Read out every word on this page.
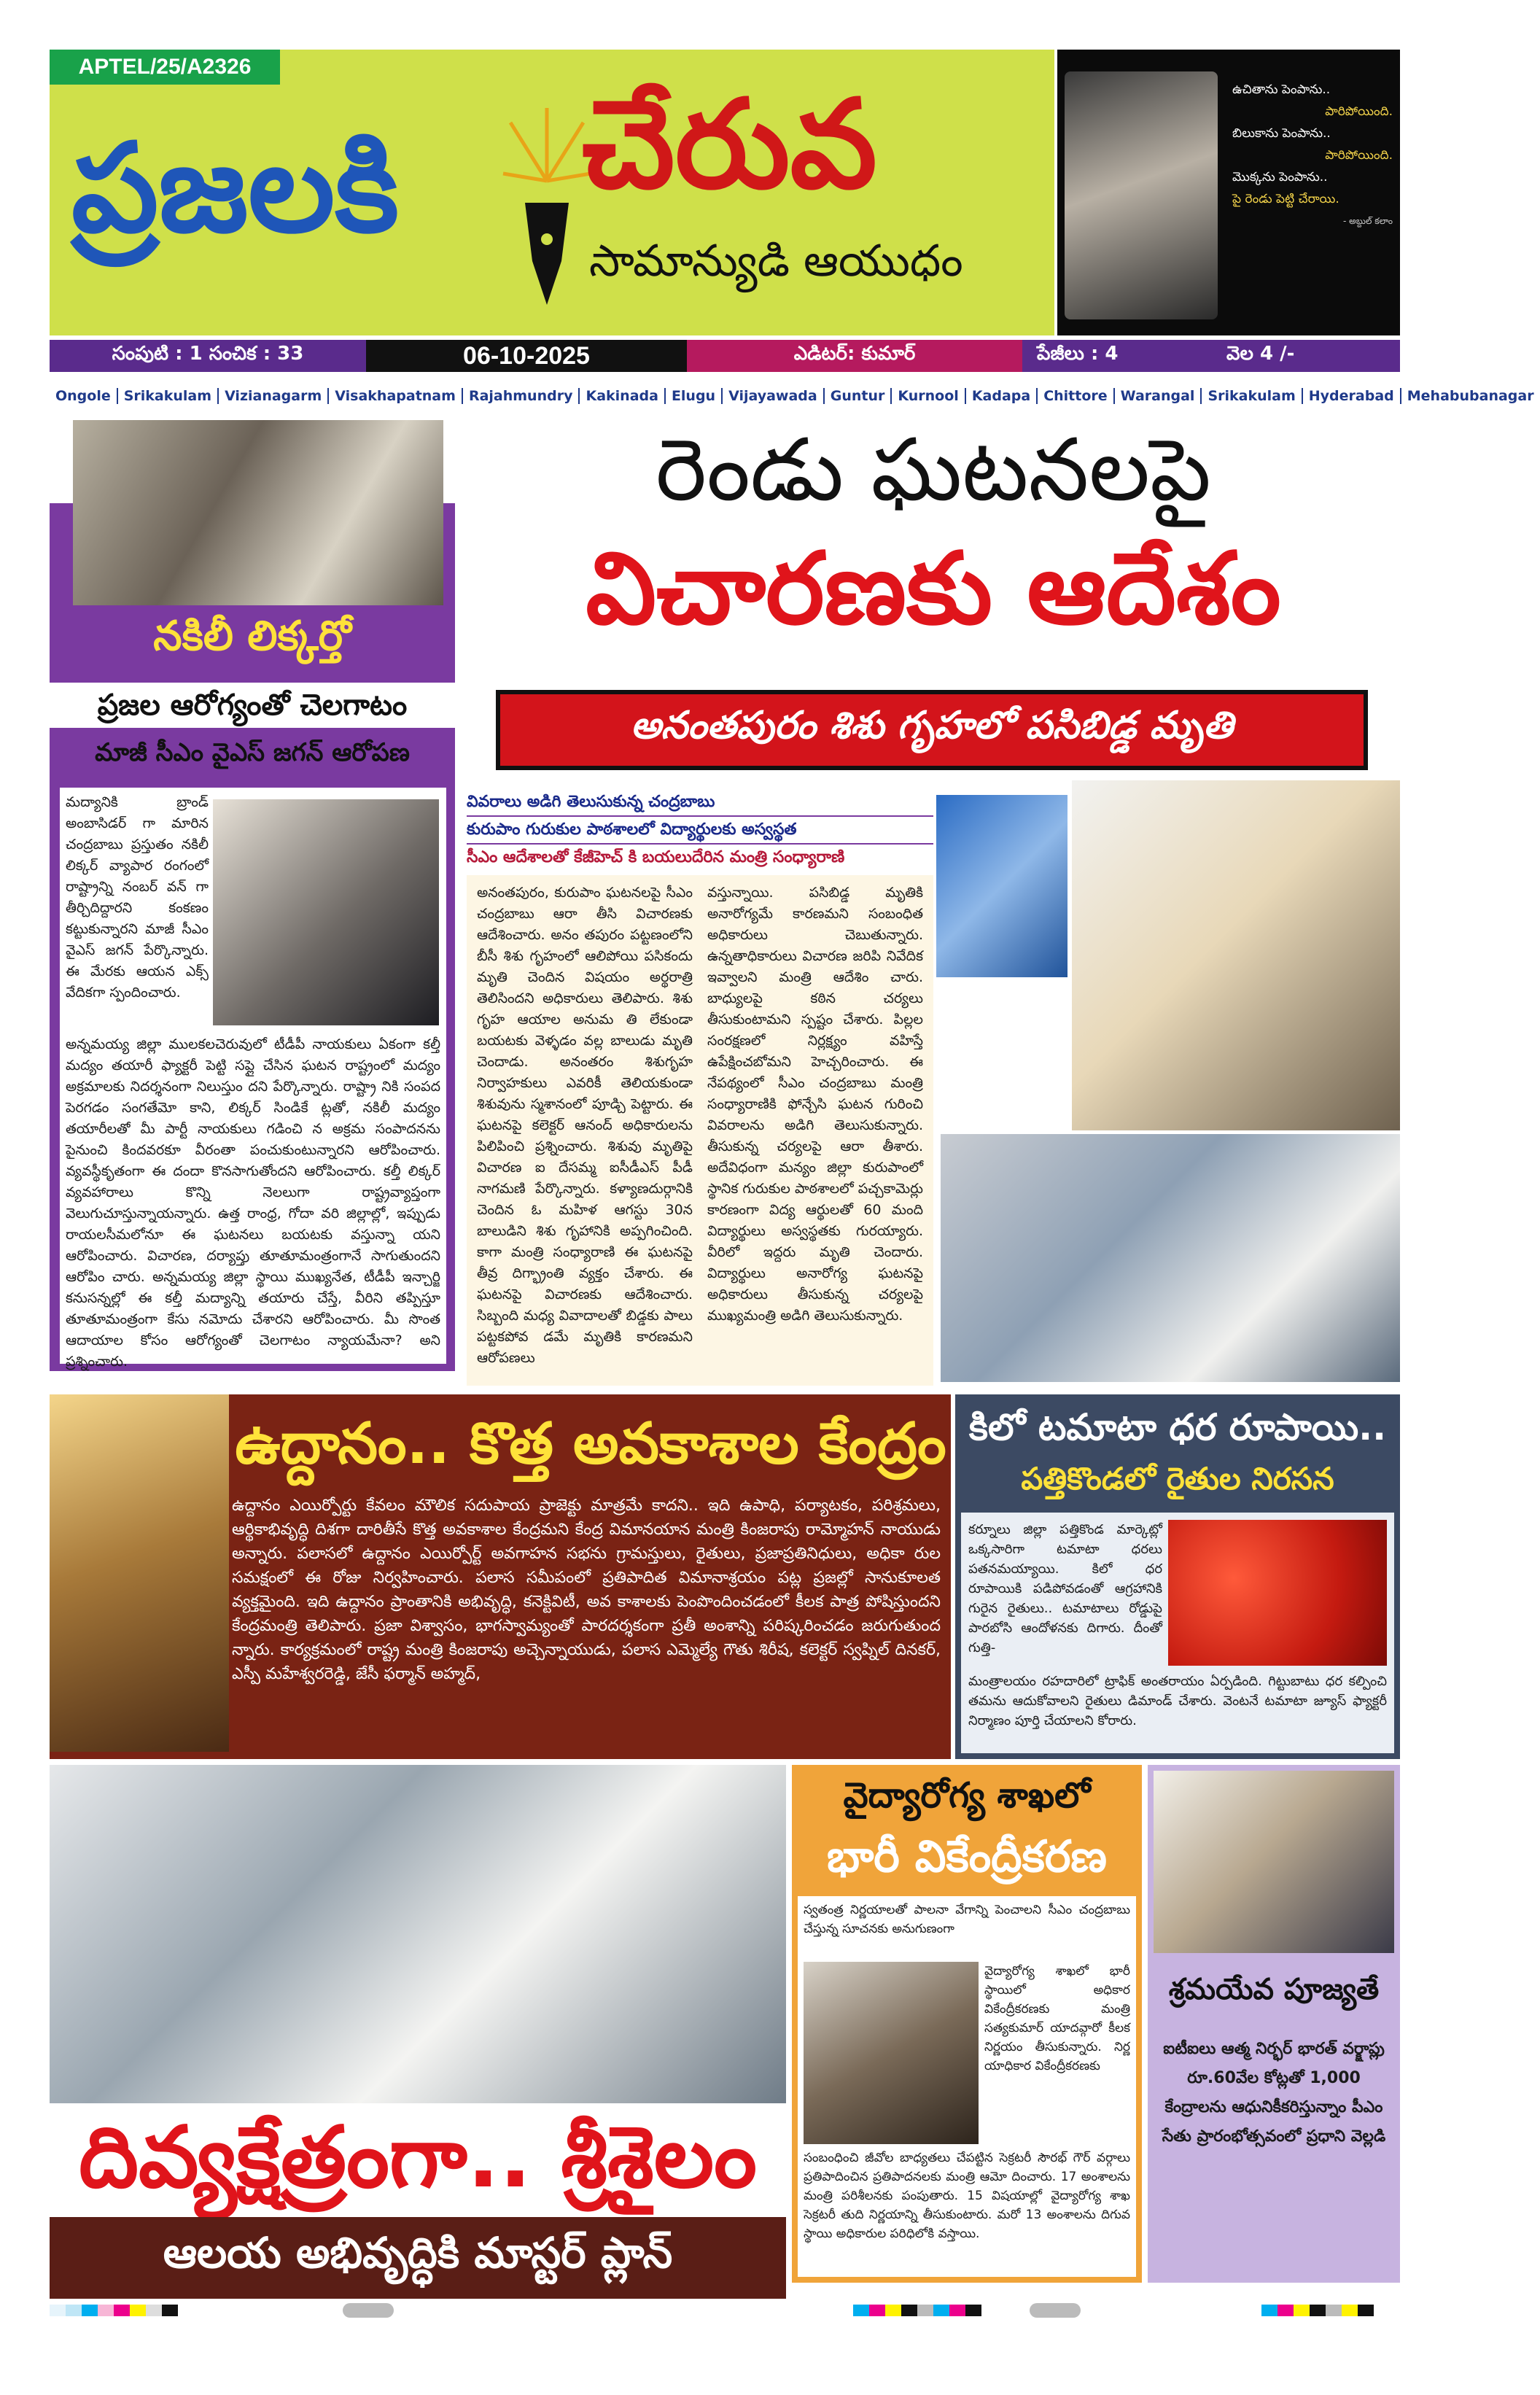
APTEL/25/A2326
ప్రజలకి చేరువ
సామాన్యుడి ఆయుధం
ఉచితాను పెంపాను..
పారిపోయింది.
బిలుకాను పెంపాను..
పారిపోయింది.
మొక్కను పెంపాను..
పై రెండు పెట్టి చేరాయి.
- అబ్దుల్ కలాం
సంపుటి : 1 సంచిక : 33	06-10-2025	ఎడిటర్: కుమార్	పేజీలు : 4	వెల 4 /-
Ongole Srikakulam Vizianagarm Visakhapatnam Rajahmundry Kakinada Elugu Vijayawada Guntur Kurnool Kadapa Chittore Warangal Srikakulam Hyderabad Mehabubanagar
నకిలీ లిక్కర్తో
ప్రజల ఆరోగ్యంతో చెలగాటం
మాజీ సీఎం వైఎస్ జగన్ ఆరోపణ

మద్యానికి బ్రాండ్ అంబాసిడర్ గా మారిన చంద్రబాబు ప్రస్తుతం నకిలీ లిక్కర్ వ్యాపార రంగంలో రాష్ట్రాన్ని నంబర్ వన్ గా తీర్చిదిద్దారని కంకణం కట్టుకున్నారని మాజీ సీఎం వైఎస్ జగన్ పేర్కొన్నారు. ఈ మేరకు ఆయన ఎక్స్ వేదికగా స్పందించారు.

అన్నమయ్య జిల్లా ములకలచెరువులో టీడీపీ నాయకులు ఏకంగా కల్తీ మద్యం తయారీ ఫ్యాక్టరీ పెట్టి సప్లై చేసిన ఘటన రాష్ట్రంలో మద్యం అక్రమాలకు నిదర్శనంగా నిలుస్తుం దని పేర్కొన్నారు. రాష్ట్రా నికి సంపద పెరగడం సంగతేమో కాని, లిక్కర్ సిండికే ట్లతో, నకిలీ మద్యం తయారీలతో మీ పార్టీ నాయకులు గడించి న అక్రమ సంపాదనను పైనుంచి కిందవరకూ వీరంతా పంచుకుంటున్నారని ఆరోపించారు. వ్యవస్థీకృతంగా ఈ దందా కొనసాగుతోందని ఆరోపించారు. కల్తీ లిక్కర్ వ్యవహారాలు కొన్ని నెలలుగా రాష్ట్రవ్యాప్తంగా వెలుగుచూస్తున్నాయన్నారు. ఉత్త రాంధ్ర, గోదా వరి జిల్లాల్లో, ఇప్పుడు రాయలసీమలోనూ ఈ ఘటనలు బయటకు వస్తున్నా యని ఆరోపించారు. విచారణ, దర్యాప్తు తూతూమంత్రంగానే సాగుతుందని ఆరోపిం చారు. అన్నమయ్య జిల్లా స్థాయి ముఖ్యనేత, టీడీపీ ఇన్చార్జి కనుసన్నల్లో ఈ కల్తీ మద్యాన్ని తయారు చేస్తే, వీరిని తప్పిస్తూ తూతూమంత్రంగా కేసు నమోదు చేశారని ఆరోపించారు. మీ సొంత ఆదాయాల కోసం ఆరోగ్యంతో చెలగాటం న్యాయమేనా? అని ప్రశ్నించారు.

రెండు ఘటనలపై
విచారణకు ఆదేశం
అనంతపురం శిశు గృహలో పసిబిడ్డ మృతి
వివరాలు అడిగి తెలుసుకున్న చంద్రబాబు
కురుపాం గురుకుల పాఠశాలలో విద్యార్థులకు అస్వస్థత
సీఎం ఆదేశాలతో కేజీహెచ్ కి బయలుదేరిన మంత్రి సంధ్యారాణి

అనంతపురం, కురుపాం ఘటనలపై సీఎం చంద్రబాబు ఆరా తీసి విచారణకు ఆదేశించారు. అనం తపురం పట్టణంలోని బీసీ శిశు గృహంలో ఆలిపోయి పసికందు మృతి చెందిన విషయం అర్థరాత్రి తెలిసిందని అధికారులు తెలిపారు. శిశు గృహ ఆయాల అనుమ తి లేకుండా బయటకు వెళ్ళడం వల్ల బాలుడు మృతి చెందాడు. అనంతరం శిశుగృహ నిర్వాహకులు ఎవరికీ తెలియకుండా శిశువును స్మశానంలో పూడ్చి పెట్టారు. ఈ ఘటనపై కలెక్టర్ ఆనంద్ అధికారులను పిలిపించి ప్రశ్నించారు. శిశువు మృతిపై విచారణ ఐ దేసమ్మ ఐసీడీఎస్ పీడీ నాగమణి పేర్కొన్నారు. కళ్యాణదుర్గానికి చెందిన ఓ మహిళ ఆగస్టు 30న బాలుడిని శిశు గృహానికి అప్పగించింది. కాగా మంత్రి సంధ్యారాణి ఈ ఘటనపై తీవ్ర దిగ్భ్రాంతి వ్యక్తం చేశారు. ఈ ఘటనపై విచారణకు ఆదేశించారు. సిబ్బంది మధ్య వివాదాలతో బిడ్డకు పాలు పట్టకపోవ డమే మృతికి కారణమని ఆరోపణలు

వస్తున్నాయి. పసిబిడ్డ మృతికి అనారోగ్యమే కారణమని సంబంధిత అధికారులు చెబుతున్నారు. ఉన్నతాధికారులు విచారణ జరిపి నివేదిక ఇవ్వాలని మంత్రి ఆదేశిం చారు. బాధ్యులపై కఠిన చర్యలు తీసుకుంటామని స్పష్టం చేశారు. పిల్లల సంరక్షణలో నిర్లక్ష్యం వహిస్తే ఉపేక్షించబోమని హెచ్చరించారు. ఈ నేపథ్యంలో సీఎం చంద్రబాబు మంత్రి సంధ్యారాణికి ఫోన్చేసి ఘటన గురించి వివరాలను అడిగి తెలుసుకున్నారు. తీసుకున్న చర్యలపై ఆరా తీశారు. అదేవిధంగా మన్యం జిల్లా కురుపాంలో స్థానిక గురుకుల పాఠశాలలో పచ్చకామెర్లు కారణంగా విద్య ఆర్థులతో 60 మంది విద్యార్థులు అస్వస్థతకు గురయ్యారు. వీరిలో ఇద్దరు మృతి చెందారు. విద్యార్థులు అనారోగ్య ఘటనపై అధికారులు తీసుకున్న చర్యలపై ముఖ్యమంత్రి అడిగి తెలుసుకున్నారు.

ఉద్దానం.. కొత్త అవకాశాల కేంద్రం

ఉద్దానం ఎయిర్పోర్టు కేవలం మౌలిక సదుపాయ ప్రాజెక్టు మాత్రమే కాదని.. ఇది ఉపాధి, పర్యాటకం, పరిశ్రమలు, ఆర్థికాభివృద్ధి దిశగా దారితీసే కొత్త అవకాశాల కేంద్రమని కేంద్ర విమానయాన మంత్రి కింజరాపు రామ్మోహన్ నాయుడు అన్నారు. పలాసలో ఉద్దానం ఎయిర్పోర్ట్ అవగాహన సభను గ్రామస్తులు, రైతులు, ప్రజాప్రతినిధులు, అధికా రుల సమక్షంలో ఈ రోజు నిర్వహించారు. పలాస సమీపంలో ప్రతిపాదిత విమానాశ్రయం పట్ల ప్రజల్లో సానుకూలత వ్యక్తమైంది. ఇది ఉద్దానం ప్రాంతానికి అభివృద్ధి, కనెక్టివిటీ, అవ కాశాలకు పెంపొందించడంలో కీలక పాత్ర పోషిస్తుందని కేంద్రమంత్రి తెలిపారు. ప్రజా విశ్వాసం, భాగస్వామ్యంతో పారదర్శకంగా ప్రతీ అంశాన్ని పరిష్కరించడం జరుగుతుంద న్నారు. కార్యక్రమంలో రాష్ట్ర మంత్రి కింజరాపు అచ్చెన్నాయుడు, పలాస ఎమ్మెల్యే గౌతు శిరీష, కలెక్టర్ స్వప్నిల్ దినకర్, ఎస్పీ మహేశ్వరరెడ్డి, జేసీ ఫర్మాన్ అహ్మద్,

కిలో టమాటా ధర రూపాయి..
పత్తికొండలో రైతుల నిరసన

కర్నూలు జిల్లా పత్తికొండ మార్కెట్లో ఒక్కసారిగా టమాటా ధరలు పతనమయ్యాయి. కిలో ధర రూపాయికి పడిపోవడంతో ఆగ్రహానికి గురైన రైతులు.. టమాటాలు రోడ్డుపై పారబోసి ఆందోళనకు దిగారు. దీంతో గుత్తి-

మంత్రాలయం రహదారిలో ట్రాఫిక్ అంతరాయం ఏర్పడింది. గిట్టుబాటు ధర కల్పించి తమను ఆదుకోవాలని రైతులు డిమాండ్ చేశారు. వెంటనే టమాటా జ్యూస్ ఫ్యాక్టరీ నిర్మాణం పూర్తి చేయాలని కోరారు.

దివ్యక్షేత్రంగా.. శ్రీశైలం
ఆలయ అభివృద్ధికి మాస్టర్ ప్లాన్
వైద్యారోగ్య శాఖలో
భారీ వికేంద్రీకరణ

స్వతంత్ర నిర్ణయాలతో పాలనా వేగాన్ని పెంచాలని సీఎం చంద్రబాబు చేస్తున్న సూచనకు అనుగుణంగా

వైద్యారోగ్య శాఖలో భారీ స్థాయిలో అధికార వికేంద్రీకరణకు మంత్రి సత్యకుమార్ యాదవ్గారో కీలక నిర్ణయం తీసుకున్నారు. నిర్ణ యాధికార వికేంద్రీకరణకు

సంబంధించి జీవోల బాధ్యతలు చేపట్టిన సెక్రటరీ సౌరభ్ గౌర్ వర్గాలు ప్రతిపాదించిన ప్రతిపాదనలకు మంత్రి ఆమో దించారు. 17 అంశాలను మంత్రి పరిశీలనకు పంపుతారు. 15 విషయాల్లో వైద్యారోగ్య శాఖ సెక్రటరీ తుది నిర్ణయాన్ని తీసుకుంటారు. మరో 13 అంశాలను దిగువ స్థాయి అధికారుల పరిధిలోకి వస్తాయి.

శ్రమయేవ పూజ్యతే

ఐటీఐలు ఆత్మ నిర్భర్ భారత్ వర్క్షాప్లు రూ.60వేల కోట్లతో 1,000 కేంద్రాలను ఆధునికీకరిస్తున్నాం పీఎం సేతు ప్రారంభోత్సవంలో ప్రధాని వెల్లడి
